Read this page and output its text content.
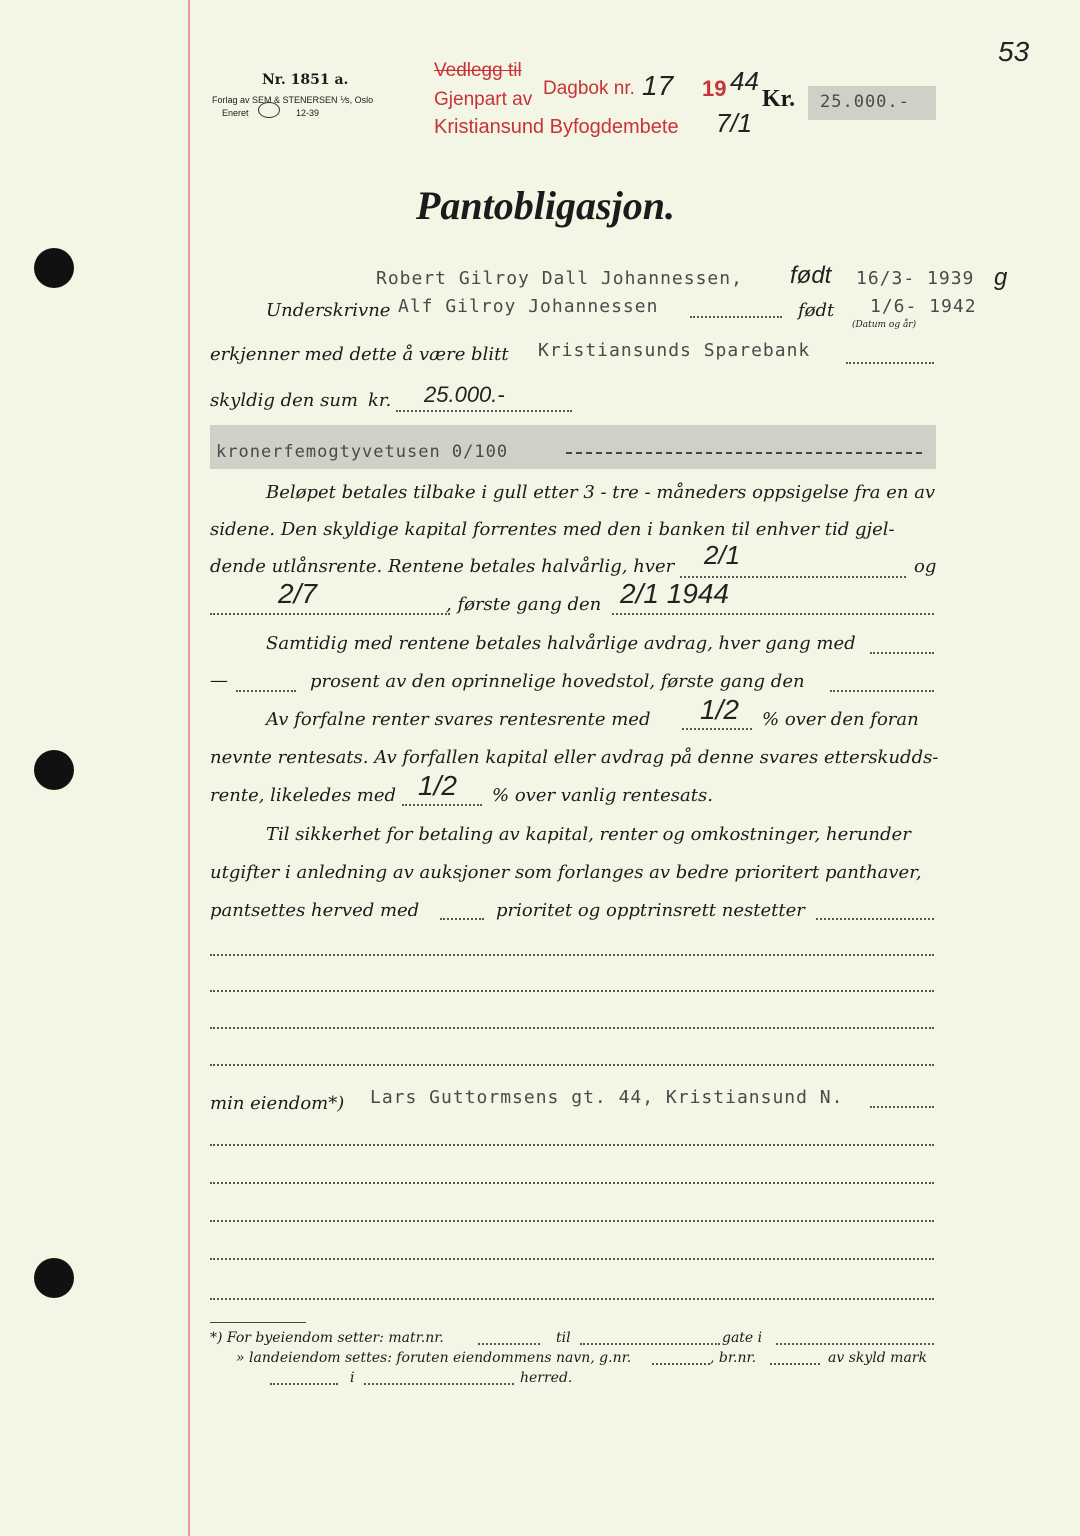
53
Nr. 1851 a.
Forlag av SEM & STENERSEN ⅟s, Oslo
Eneret	12-39
Vedlegg til
Gjenpart av
Kristiansund Byfogdembete
Dagbok nr. 17 19 44
7/1
Kr. 25.000.-
Pantobligasjon.
Robert Gilroy Dall Johannessen, født 16/3- 1939 g
Underskrivne Alf Gilroy Johannessen	født 1/6- 1942
(Datum og år)
erkjenner med dette å være blitt Kristiansunds Sparebank
skyldig den sum kr. 25.000.-
kronerfemogtyvetusen 0/100
Beløpet betales tilbake i gull etter 3 - tre - måneders oppsigelse fra en av
sidene. Den skyldige kapital forrentes med den i banken til enhver tid gjel-
dende utlånsrente. Rentene betales halvårlig, hver 2/1	og
2/7	, første gang den 2/1 1944
Samtidig med rentene betales halvårlige avdrag, hver gang med
—	prosent av den oprinnelige hovedstol, første gang den
Av forfalne renter svares rentesrente med 1/2 % over den foran
nevnte rentesats. Av forfallen kapital eller avdrag på denne svares etterskudds-
rente, likeledes med 1/2 % over vanlig rentesats.
Til sikkerhet for betaling av kapital, renter og omkostninger, herunder
utgifter i anledning av auksjoner som forlanges av bedre prioritert panthaver,
pantsettes herved med	prioritet og opptrinsrett nestetter
min eiendom*) Lars Guttormsens gt. 44, Kristiansund N.
*) For byeiendom setter: matr.nr.	til	gate i
» landeiendom settes: foruten eiendommens navn, g.nr.	, br.nr.	av skyld mark
i	herred.
